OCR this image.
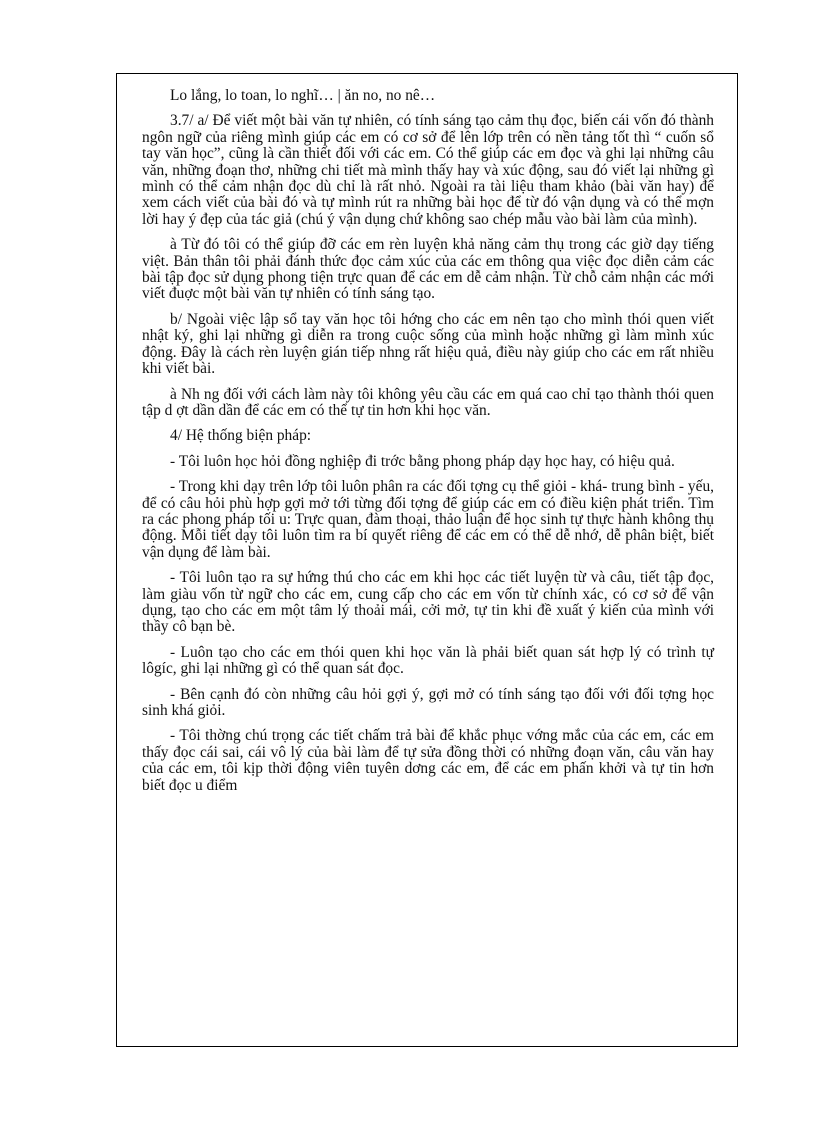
Lo lắng, lo toan, lo nghĩ… | ăn no, no nê…

3.7/ a/ Để viết một bài văn tự nhiên, có tính sáng tạo cảm thụ đọc, biến cái vốn đó thành ngôn ngữ của riêng mình giúp các em có cơ sở để lên lớp trên có nền tảng tốt thì “ cuốn sổ tay văn học”, cũng là cần thiết đối với các em. Có thể giúp các em đọc và ghi lại những câu văn, những đoạn thơ, những chi tiết mà mình thấy hay và xúc động, sau đó viết lại những gì mình có thể cảm nhận đọc dù chỉ là rất nhỏ. Ngoài ra tài liệu tham khảo (bài văn hay) để xem cách viết của bài đó và tự mình rút ra những bài học để từ đó vận dụng và có thể mợn lời hay ý đẹp của tác giả (chú ý vận dụng chứ không sao chép mẫu vào bài làm của mình).

à Từ đó tôi có thể giúp đỡ các em rèn luyện khả năng cảm thụ trong các giờ dạy tiếng việt. Bản thân tôi phải đánh thức đọc cảm xúc của các em thông qua việc đọc diễn cảm các bài tập đọc sử dụng phong tiện trực quan để các em dễ cảm nhận. Từ chỗ cảm nhận các mới viết đuợc một bài văn tự nhiên có tính sáng tạo.

b/ Ngoài việc lập sổ tay văn học tôi hớng cho các em nên tạo cho mình thói quen viết nhật ký, ghi lại những gì diễn ra trong cuộc sống của mình hoặc những gì làm mình xúc động. Đây là cách rèn luyện gián tiếp nhng rất hiệu quả, điều này giúp cho các em rất nhiều khi viết bài.

à Nh ng đối với cách làm này tôi không yêu cầu các em quá cao chỉ tạo thành thói quen tập d ợt dần dần để các em có thể tự tin hơn khi học văn.

4/ Hệ thống biện pháp:

- Tôi luôn học hỏi đồng nghiệp đi trớc bằng phong pháp dạy học hay, có hiệu quả.

- Trong khi dạy trên lớp tôi luôn phân ra các đối tợng cụ thể giỏi - khá- trung bình - yếu, để có câu hỏi phù hợp gợi mở tới từng đối tợng để giúp các em có điều kiện phát triển. Tìm ra các phong pháp tối u: Trực quan, đàm thoại, thảo luận để học sinh tự thực hành không thụ động. Mỗi tiết dạy tôi luôn tìm ra bí quyết riêng để các em có thể dễ nhớ, dễ phân biệt, biết vận dụng để làm bài.

- Tôi luôn tạo ra sự hứng thú cho các em khi học các tiết luyện từ và câu, tiết tập đọc, làm giàu vốn từ ngữ cho các em, cung cấp cho các em vốn từ chính xác, có cơ sở để vận dụng, tạo cho các em một tâm lý thoải mái, cởi mở, tự tin khi đề xuất ý kiến của mình với thầy cô bạn bè.

- Luôn tạo cho các em thói quen khi học văn là phải biết quan sát hợp lý có trình tự lôgíc, ghi lại những gì có thể quan sát đọc.

- Bên cạnh đó còn những câu hỏi gợi ý, gợi mở có tính sáng tạo đối với đối tợng học sinh khá giỏi.

- Tôi thờng chú trọng các tiết chấm trả bài để khắc phục vớng mắc của các em, các em thấy đọc cái sai, cái vô lý của bài làm để tự sửa đồng thời có những đoạn văn, câu văn hay của các em, tôi kịp thời động viên tuyên dơng các em, để các em phấn khởi và tự tin hơn biết đọc u điểm
